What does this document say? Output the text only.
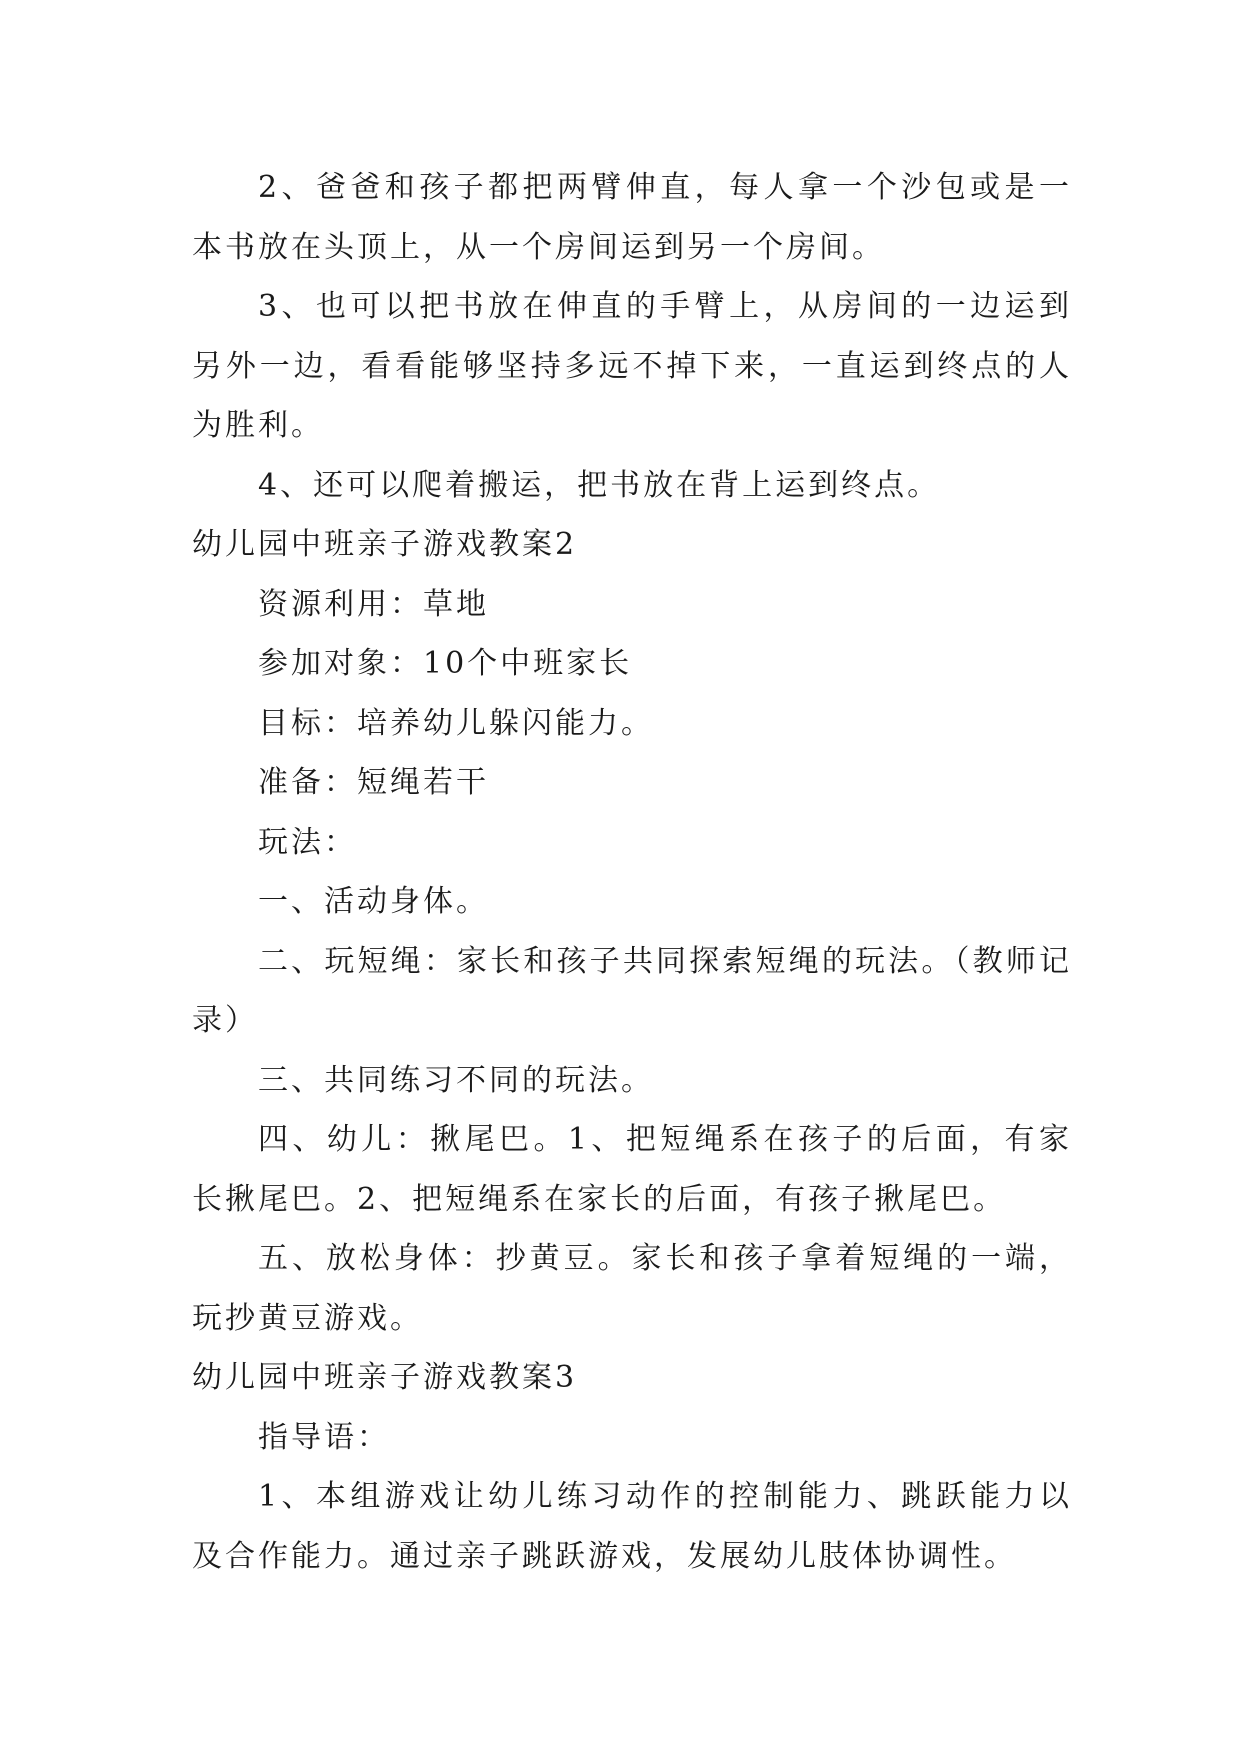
2、爸爸和孩子都把两臂伸直，每人拿一个沙包或是一本书放在头顶上，从一个房间运到另一个房间。

3、也可以把书放在伸直的手臂上，从房间的一边运到另外一边，看看能够坚持多远不掉下来，一直运到终点的人为胜利。

4、还可以爬着搬运，把书放在背上运到终点。

幼儿园中班亲子游戏教案2

资源利用：草地

参加对象：10个中班家长

目标：培养幼儿躲闪能力。

准备：短绳若干

玩法：

一、活动身体。

二、玩短绳：家长和孩子共同探索短绳的玩法。（教师记录）

三、共同练习不同的玩法。

四、幼儿：揪尾巴。1、把短绳系在孩子的后面，有家长揪尾巴。2、把短绳系在家长的后面，有孩子揪尾巴。

五、放松身体：抄黄豆。家长和孩子拿着短绳的一端，玩抄黄豆游戏。

幼儿园中班亲子游戏教案3

指导语：

1、本组游戏让幼儿练习动作的控制能力、跳跃能力以及合作能力。通过亲子跳跃游戏，发展幼儿肢体协调性。
